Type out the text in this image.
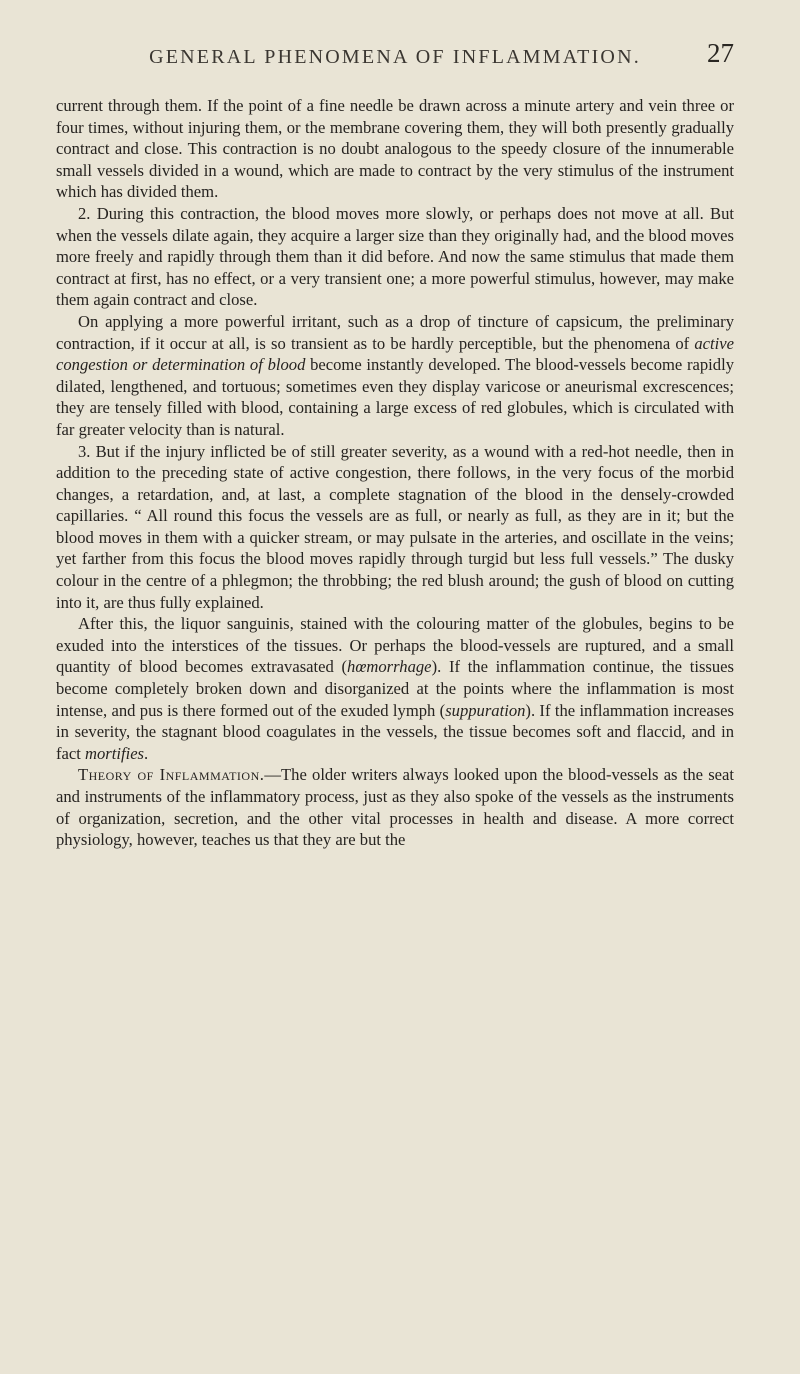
GENERAL PHENOMENA OF INFLAMMATION.	27

current through them. If the point of a fine needle be drawn across a minute artery and vein three or four times, without injuring them, or the membrane covering them, they will both presently gradually contract and close. This contraction is no doubt analogous to the speedy closure of the innumerable small vessels divided in a wound, which are made to contract by the very stimulus of the instrument which has divided them.

2. During this contraction, the blood moves more slowly, or perhaps does not move at all. But when the vessels dilate again, they acquire a larger size than they originally had, and the blood moves more freely and rapidly through them than it did before. And now the same stimulus that made them contract at first, has no effect, or a very transient one; a more powerful stimulus, however, may make them again contract and close.

On applying a more powerful irritant, such as a drop of tincture of capsicum, the preliminary contraction, if it occur at all, is so transient as to be hardly perceptible, but the phenomena of active congestion or determination of blood become instantly developed. The blood-vessels become rapidly dilated, lengthened, and tortuous; sometimes even they display varicose or aneurismal excrescences; they are tensely filled with blood, containing a large excess of red globules, which is circulated with far greater velocity than is natural.

3. But if the injury inflicted be of still greater severity, as a wound with a red-hot needle, then in addition to the preceding state of active congestion, there follows, in the very focus of the morbid changes, a retardation, and, at last, a complete stagnation of the blood in the densely-crowded capillaries. “ All round this focus the vessels are as full, or nearly as full, as they are in it; but the blood moves in them with a quicker stream, or may pulsate in the arteries, and oscillate in the veins; yet farther from this focus the blood moves rapidly through turgid but less full vessels.” The dusky colour in the centre of a phlegmon; the throbbing; the red blush around; the gush of blood on cutting into it, are thus fully explained.

After this, the liquor sanguinis, stained with the colouring matter of the globules, begins to be exuded into the interstices of the tissues. Or perhaps the blood-vessels are ruptured, and a small quantity of blood becomes extravasated (hœmorrhage). If the inflammation continue, the tissues become completely broken down and disorganized at the points where the inflammation is most intense, and pus is there formed out of the exuded lymph (suppuration). If the inflammation increases in severity, the stagnant blood coagulates in the vessels, the tissue becomes soft and flaccid, and in fact mortifies.

Theory of Inflammation.—The older writers always looked upon the blood-vessels as the seat and instruments of the inflammatory process, just as they also spoke of the vessels as the instruments of organization, secretion, and the other vital processes in health and disease. A more correct physiology, however, teaches us that they are but the
